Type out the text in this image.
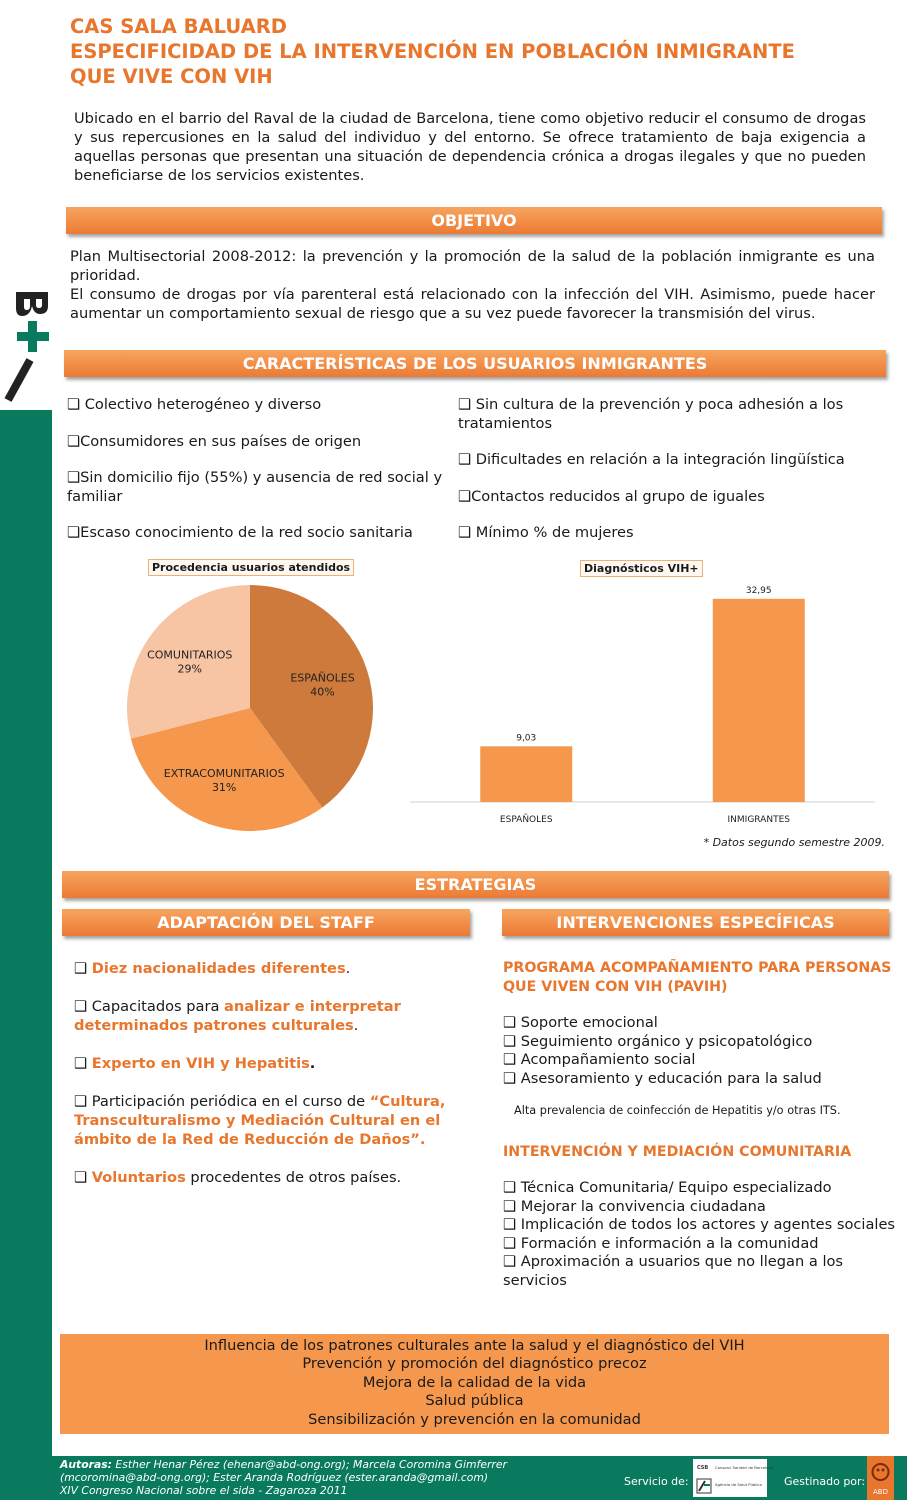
CAS SALA BALUARD
ESPECIFICIDAD DE LA INTERVENCIÓN EN POBLACIÓN INMIGRANTE
QUE VIVE CON VIH

Ubicado en el barrio del Raval de la ciudad de Barcelona, tiene como objetivo reducir el consumo de drogas y sus repercusiones en la salud del individuo y del entorno. Se ofrece tratamiento de baja exigencia a aquellas personas que presentan una situación de dependencia crónica a drogas ilegales y que no pueden beneficiarse de los servicios existentes.

OBJETIVO

Plan Multisectorial 2008-2012: la prevención y la promoción de la salud de la población inmigrante es una prioridad.

El consumo de drogas por vía parenteral está relacionado con la infección del VIH. Asimismo, puede hacer aumentar un comportamiento sexual de riesgo que a su vez puede favorecer la transmisión del virus.

CARACTERÍSTICAS DE LOS USUARIOS INMIGRANTES
❑ Colectivo heterogéneo y diverso
❑Consumidores en sus países de origen
❑Sin domicilio fijo (55%) y ausencia de red social y familiar
❑Escaso conocimiento de la red socio sanitaria
❑ Sin cultura de la prevención y poca adhesión a los tratamientos
❑ Dificultades en relación a la integración lingüística
❑Contactos reducidos al grupo de iguales
❑ Mínimo % de mujeres
Procedencia usuarios atendidos
ESPAÑOLES
40%
EXTRACOMUNITARIOS
31%
COMUNITARIOS
29%
Diagnósticos VIH+
9,03
ESPAÑOLES
32,95
INMIGRANTES
* Datos segundo semestre 2009.
ESTRATEGIAS
ADAPTACIÓN DEL STAFF	INTERVENCIONES ESPECÍFICAS
❑ Diez nacionalidades diferentes.
❑ Capacitados para analizar e interpretar determinados patrones culturales.
❑ Experto en VIH y Hepatitis.
❑ Participación periódica en el curso de “Cultura, Transculturalismo y Mediación Cultural en el ámbito de la Red de Reducción de Daños”.
❑ Voluntarios procedentes de otros países.
PROGRAMA ACOMPAÑAMIENTO PARA PERSONAS QUE VIVEN CON VIH (PAVIH)
❑ Soporte emocional
❑ Seguimiento orgánico y psicopatológico
❑ Acompañamiento social
❑ Asesoramiento y educación para la salud
Alta prevalencia de coinfección de Hepatitis y/o otras ITS.
INTERVENCIÓN Y MEDIACIÓN COMUNITARIA
❑ Técnica Comunitaria/ Equipo especializado
❑ Mejorar la convivencia ciudadana
❑ Implicación de todos los actores y agentes sociales
❑ Formación e información a la comunidad
❑ Aproximación a usuarios que no llegan a los servicios
Influencia de los patrones culturales ante la salud y el diagnóstico del VIH
Prevención y promoción del diagnóstico precoz
Mejora de la calidad de la vida
Salud pública
Sensibilización y prevención en la comunidad
Autoras: Esther Henar Pérez (ehenar@abd-ong.org); Marcela Coromina Gimferrer
(mcoromina@abd-ong.org); Ester Aranda Rodríguez (ester.aranda@gmail.com)
XIV Congreso Nacional sobre el sida - Zagaroza 2011
Servicio de:
CSB Consorci Sanitari de Barcelona
Agència de Salut Pública Gestinado por:
ABD
